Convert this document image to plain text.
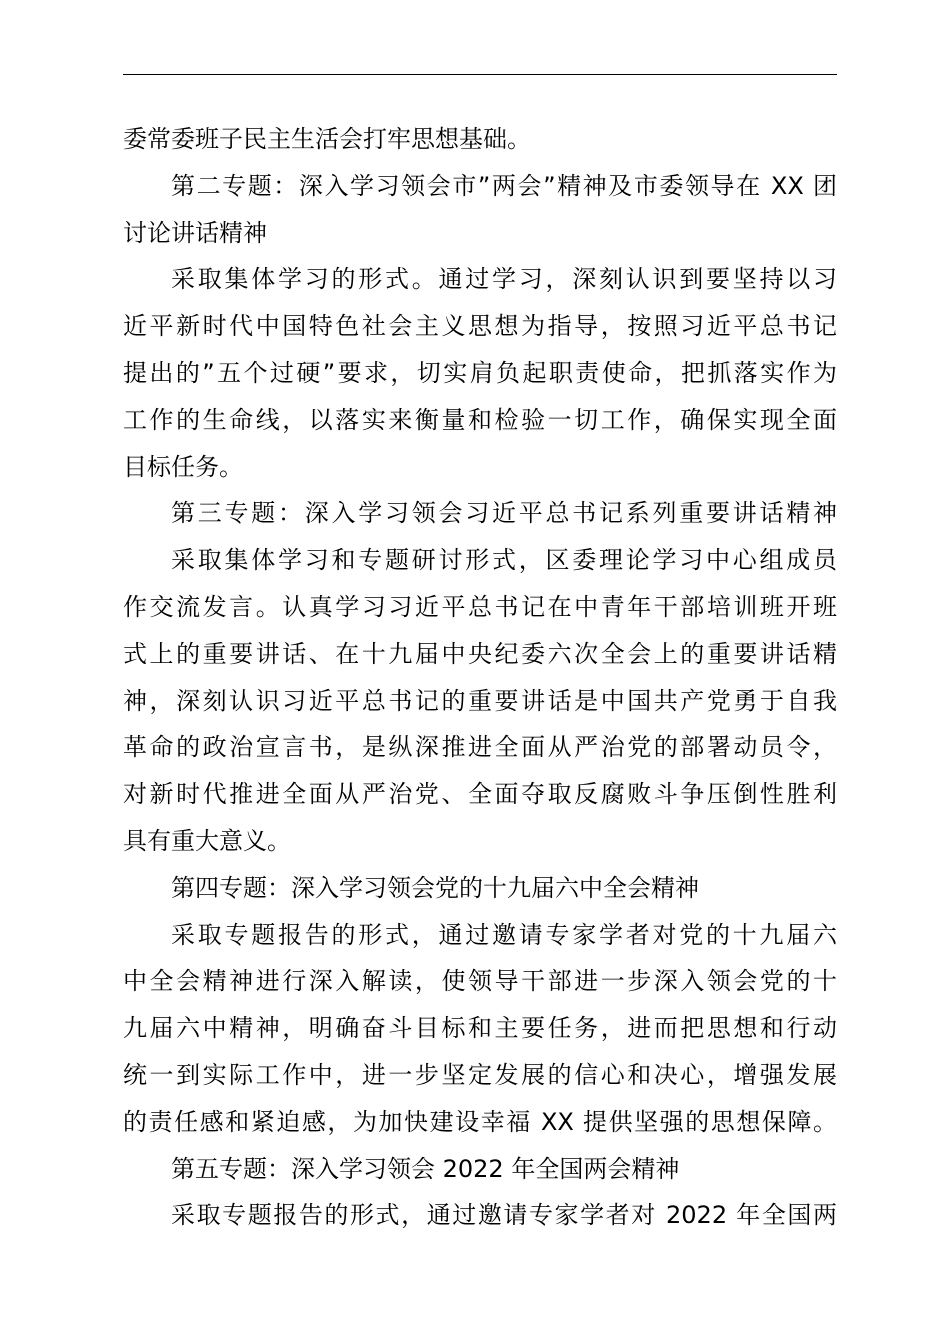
委常委班子民主生活会打牢思想基础。
第二专题：深入学习领会市”两会”精神及市委领导在 XX 团
讨论讲话精神
采取集体学习的形式。通过学习，深刻认识到要坚持以习
近平新时代中国特色社会主义思想为指导，按照习近平总书记
提出的”五个过硬”要求，切实肩负起职责使命，把抓落实作为
工作的生命线，以落实来衡量和检验一切工作，确保实现全面
目标任务。
第三专题：深入学习领会习近平总书记系列重要讲话精神
采取集体学习和专题研讨形式，区委理论学习中心组成员
作交流发言。认真学习习近平总书记在中青年干部培训班开班
式上的重要讲话、在十九届中央纪委六次全会上的重要讲话精
神，深刻认识习近平总书记的重要讲话是中国共产党勇于自我
革命的政治宣言书，是纵深推进全面从严治党的部署动员令，
对新时代推进全面从严治党、全面夺取反腐败斗争压倒性胜利
具有重大意义。
第四专题：深入学习领会党的十九届六中全会精神
采取专题报告的形式，通过邀请专家学者对党的十九届六
中全会精神进行深入解读，使领导干部进一步深入领会党的十
九届六中精神，明确奋斗目标和主要任务，进而把思想和行动
统一到实际工作中，进一步坚定发展的信心和决心，增强发展
的责任感和紧迫感，为加快建设幸福 XX 提供坚强的思想保障。
第五专题：深入学习领会 2022 年全国两会精神
采取专题报告的形式，通过邀请专家学者对 2022 年全国两
